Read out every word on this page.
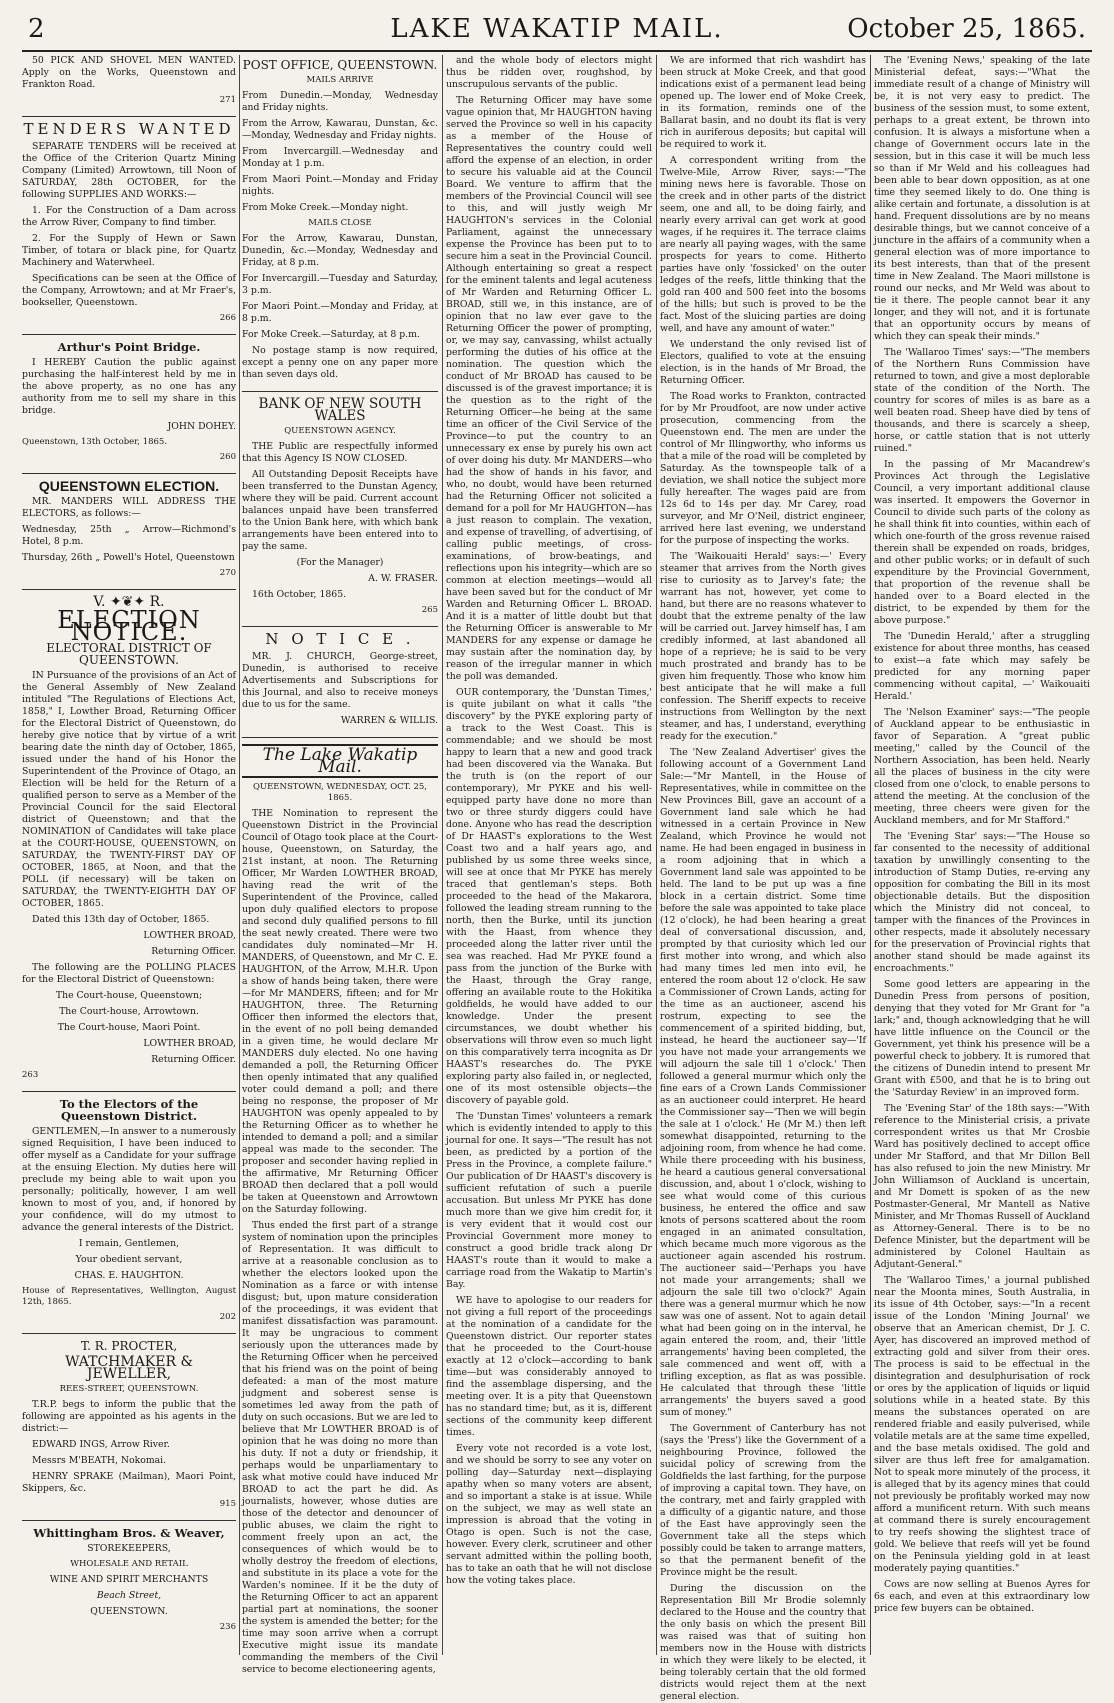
2	LAKE WAKATIP MAIL.	October 25, 1865.

50 PICK AND SHOVEL MEN WANTED. Apply on the Works, Queenstown and Frankton Road.

271

TENDERS WANTED

SEPARATE TENDERS will be received at the Office of the Criterion Quartz Mining Company (Limited) Arrowtown, till Noon of SATURDAY, 28th OCTOBER, for the following SUPPLIES AND WORKS:—

1. For the Construction of a Dam across the Arrow River, Company to find timber.

2. For the Supply of Hewn or Sawn Timber, of totara or black pine, for Quartz Machinery and Waterwheel.

Specifications can be seen at the Office of the Company, Arrowtown; and at Mr Fraer's, bookseller, Queenstown.

266

Arthur's Point Bridge.

I HEREBY Caution the public against purchasing the half-interest held by me in the above property, as no one has any authority from me to sell my share in this bridge.

JOHN DOHEY.

Queenstown, 13th October, 1865.

260

QUEENSTOWN ELECTION.

MR. MANDERS WILL ADDRESS THE ELECTORS, as follows:—

Wednesday, 25th „ Arrow—Richmond's Hotel, 8 p.m.

Thursday, 26th „ Powell's Hotel, Queenstown

270

V. ✦❦✦ R.
ELECTION NOTICE.
ELECTORAL DISTRICT OF QUEENSTOWN.

IN Pursuance of the provisions of an Act of the General Assembly of New Zealand intituled "The Regulations of Elections Act, 1858," I, Lowther Broad, Returning Officer for the Electoral District of Queenstown, do hereby give notice that by virtue of a writ bearing date the ninth day of October, 1865, issued under the hand of his Honor the Superintendent of the Province of Otago, an Election will be held for the Return of a qualified person to serve as a Member of the Provincial Council for the said Electoral district of Queenstown; and that the NOMINATION of Candidates will take place at the COURT-HOUSE, QUEENSTOWN, on SATURDAY, the TWENTY-FIRST DAY OF OCTOBER, 1865, at Noon, and that the POLL (if necessary) will be taken on SATURDAY, the TWENTY-EIGHTH DAY OF OCTOBER, 1865.

Dated this 13th day of October, 1865.

LOWTHER BROAD,

Returning Officer.

The following are the POLLING PLACES for the Electoral District of Queenstown:

The Court-house, Queenstown;

The Court-house, Arrowtown.

The Court-house, Maori Point.

LOWTHER BROAD,

Returning Officer.

263

To the Electors of the Queenstown District.

GENTLEMEN,—In answer to a numerously signed Requisition, I have been induced to offer myself as a Candidate for your suffrage at the ensuing Election. My duties here will preclude my being able to wait upon you personally; politically, however, I am well known to most of you, and, if honored by your confidence, will do my utmost to advance the general interests of the District.

I remain, Gentlemen,

Your obedient servant,

CHAS. E. HAUGHTON.

House of Representatives, Wellington, August 12th, 1865.

202

T. R. PROCTER,
WATCHMAKER & JEWELLER,

REES-STREET, QUEENSTOWN.

T.R.P. begs to inform the public that the following are appointed as his agents in the district:—

EDWARD INGS, Arrow River.

Messrs M'BEATH, Nokomai.

HENRY SPRAKE (Mailman), Maori Point, Skippers, &c.

915

Whittingham Bros. & Weaver,

STOREKEEPERS,

WHOLESALE AND RETAIL

WINE AND SPIRIT MERCHANTS

Beach Street,

QUEENSTOWN.

236

POST OFFICE, QUEENSTOWN.

MAILS ARRIVE

From Dunedin.—Monday, Wednesday and Friday nights.

From the Arrow, Kawarau, Dunstan, &c.—Monday, Wednesday and Friday nights.

From Invercargill.—Wednesday and Monday at 1 p.m.

From Maori Point.—Monday and Friday nights.

From Moke Creek.—Monday night.

MAILS CLOSE

For the Arrow, Kawarau, Dunstan, Dunedin, &c.—Monday, Wednesday and Friday, at 8 p.m.

For Invercargill.—Tuesday and Saturday, 3 p.m.

For Maori Point.—Monday and Friday, at 8 p.m.

For Moke Creek.—Saturday, at 8 p.m.

No postage stamp is now required, except a penny one on any paper more than seven days old.

BANK OF NEW SOUTH WALES

QUEENSTOWN AGENCY.

THE Public are respectfully informed that this Agency IS NOW CLOSED.

All Outstanding Deposit Receipts have been transferred to the Dunstan Agency, where they will be paid. Current account balances unpaid have been transferred to the Union Bank here, with which bank arrangements have been entered into to pay the same.

(For the Manager)

A. W. FRASER.

16th October, 1865.

265

N O T I C E .

MR. J. CHURCH, George-street, Dunedin, is authorised to receive Advertisements and Subscriptions for this Journal, and also to receive moneys due to us for the same.

WARREN & WILLIS.

The Lake Wakatip Mail.

QUEENSTOWN, WEDNESDAY, OCT. 25, 1865.

THE Nomination to represent the Queenstown District in the Provincial Council of Otago took place at the Court-house, Queenstown, on Saturday, the 21st instant, at noon. The Returning Officer, Mr Warden LOWTHER BROAD, having read the writ of the Superintendent of the Province, called upon duly qualified electors to propose and second duly qualified persons to fill the seat newly created. There were two candidates duly nominated—Mr H. MANDERS, of Queenstown, and Mr C. E. HAUGHTON, of the Arrow, M.H.R. Upon a show of hands being taken, there were—for Mr MANDERS, fifteen; and for Mr HAUGHTON, three. The Returning Officer then informed the electors that, in the event of no poll being demanded in a given time, he would declare Mr MANDERS duly elected. No one having demanded a poll, the Returning Officer then openly intimated that any qualified voter could demand a poll; and there being no response, the proposer of Mr HAUGHTON was openly appealed to by the Returning Officer as to whether he intended to demand a poll; and a similar appeal was made to the seconder. The proposer and seconder having replied in the affirmative, Mr Returning Officer BROAD then declared that a poll would be taken at Queenstown and Arrowtown on the Saturday following.

Thus ended the first part of a strange system of nomination upon the principles of Representation. It was difficult to arrive at a reasonable conclusion as to whether the electors looked upon the Nomination as a farce or with intense disgust; but, upon mature consideration of the proceedings, it was evident that manifest dissatisfaction was paramount. It may be ungracious to comment seriously upon the utterances made by the Returning Officer when he perceived that his friend was on the point of being defeated: a man of the most mature judgment and soberest sense is sometimes led away from the path of duty on such occasions. But we are led to believe that Mr LOWTHER BROAD is of opinion that he was doing no more than his duty. If not a duty or friendship, it perhaps would be unparliamentary to ask what motive could have induced Mr BROAD to act the part he did. As journalists, however, whose duties are those of the detector and denouncer of public abuses, we claim the right to comment freely upon an act, the consequences of which would be to wholly destroy the freedom of elections, and substitute in its place a vote for the Warden's nominee. If it be the duty of the Returning Officer to act an apparent partial part at nominations, the sooner the system is amended the better; for the time may soon arrive when a corrupt Executive might issue its mandate commanding the members of the Civil service to become electioneering agents,

and the whole body of electors might thus be ridden over, roughshod, by unscrupulous servants of the public.

The Returning Officer may have some vague opinion that, Mr HAUGHTON having served the Province so well in his capacity as a member of the House of Representatives the country could well afford the expense of an election, in order to secure his valuable aid at the Council Board. We venture to affirm that the members of the Provincial Council will see to this, and will justly weigh Mr HAUGHTON's services in the Colonial Parliament, against the unnecessary expense the Province has been put to to secure him a seat in the Provincial Council. Although entertaining so great a respect for the eminent talents and legal acuteness of Mr Warden and Returning Officer L. BROAD, still we, in this instance, are of opinion that no law ever gave to the Returning Officer the power of prompting, or, we may say, canvassing, whilst actually performing the duties of his office at the nomination. The question which the conduct of Mr BROAD has caused to be discussed is of the gravest importance; it is the question as to the right of the Returning Officer—he being at the same time an officer of the Civil Service of the Province—to put the country to an unnecessary ex ense by purely his own act of over doing his duty. Mr MANDERS—who had the show of hands in his favor, and who, no doubt, would have been returned had the Returning Officer not solicited a demand for a poll for Mr HAUGHTON—has a just reason to complain. The vexation, and expense of travelling, of advertising, of calling public meetings, of cross-examinations, of brow-beatings, and reflections upon his integrity—which are so common at election meetings—would all have been saved but for the conduct of Mr Warden and Returning Officer L. BROAD. And it is a matter of little doubt but that the Returning Officer is answerable to Mr MANDERS for any expense or damage he may sustain after the nomination day, by reason of the irregular manner in which the poll was demanded.

OUR contemporary, the 'Dunstan Times,' is quite jubilant on what it calls "the discovery" by the PYKE exploring party of a track to the West Coast. This is commendable; and we should be most happy to learn that a new and good track had been discovered via the Wanaka. But the truth is (on the report of our contemporary), Mr PYKE and his well-equipped party have done no more than two or three sturdy diggers could have done. Anyone who has read the description of Dr HAAST's explorations to the West Coast two and a half years ago, and published by us some three weeks since, will see at once that Mr PYKE has merely traced that gentleman's steps. Both proceeded to the head of the Makarora, followed the leading stream running to the north, then the Burke, until its junction with the Haast, from whence they proceeded along the latter river until the sea was reached. Had Mr PYKE found a pass from the junction of the Burke with the Haast, through the Gray range, offering an available route to the Hokitika goldfields, he would have added to our knowledge. Under the present circumstances, we doubt whether his observations will throw even so much light on this comparatively terra incognita as Dr HAAST's researches do. The PYKE exploring party also failed in, or neglected, one of its most ostensible objects—the discovery of payable gold.

The 'Dunstan Times' volunteers a remark which is evidently intended to apply to this journal for one. It says—"The result has not been, as predicted by a portion of the Press in the Province, a complete failure." Our publication of Dr HAAST's discovery is sufficient refutation of such a puerile accusation. But unless Mr PYKE has done much more than we give him credit for, it is very evident that it would cost our Provincial Government more money to construct a good bridle track along Dr HAAST's route than it would to make a carriage road from the Wakatip to Martin's Bay.

WE have to apologise to our readers for not giving a full report of the proceedings at the nomination of a candidate for the Queenstown district. Our reporter states that he proceeded to the Court-house exactly at 12 o'clock—according to bank time—but was considerably annoyed to find the assemblage dispersing, and the meeting over. It is a pity that Queenstown has no standard time; but, as it is, different sections of the community keep different times.

Every vote not recorded is a vote lost, and we should be sorry to see any voter on polling day—Saturday next—displaying apathy when so many voters are absent, and so important a stake is at issue. While on the subject, we may as well state an impression is abroad that the voting in Otago is open. Such is not the case, however. Every clerk, scrutineer and other servant admitted within the polling booth, has to take an oath that he will not disclose how the voting takes place.

We are informed that rich washdirt has been struck at Moke Creek, and that good indications exist of a permanent lead being opened up. The lower end of Moke Creek, in its formation, reminds one of the Ballarat basin, and no doubt its flat is very rich in auriferous deposits; but capital will be required to work it.

A correspondent writing from the Twelve-Mile, Arrow River, says:—"The mining news here is favorable. Those on the creek and in other parts of the district seem, one and all, to be doing fairly, and nearly every arrival can get work at good wages, if he requires it. The terrace claims are nearly all paying wages, with the same prospects for years to come. Hitherto parties have only 'fossicked' on the outer ledges of the reefs, little thinking that the gold ran 400 and 500 feet into the bosoms of the hills; but such is proved to be the fact. Most of the sluicing parties are doing well, and have any amount of water."

We understand the only revised list of Electors, qualified to vote at the ensuing election, is in the hands of Mr Broad, the Returning Officer.

The Road works to Frankton, contracted for by Mr Proudfoot, are now under active prosecution, commencing from the Queenstown end. The men are under the control of Mr Illingworthy, who informs us that a mile of the road will be completed by Saturday. As the townspeople talk of a deviation, we shall notice the subject more fully hereafter. The wages paid are from 12s 6d to 14s per day. Mr Carey, road surveyor, and Mr O'Neil, district engineer, arrived here last evening, we understand for the purpose of inspecting the works.

The 'Waikouaiti Herald' says:—' Every steamer that arrives from the North gives rise to curiosity as to Jarvey's fate; the warrant has not, however, yet come to hand, but there are no reasons whatever to doubt that the extreme penalty of the law will be carried out. Jarvey himself has, I am credibly informed, at last abandoned all hope of a reprieve; he is said to be very much prostrated and brandy has to be given him frequently. Those who know him best anticipate that he will make a full confession. The Sheriff expects to receive instructions from Wellington by the next steamer, and has, I understand, everything ready for the execution."

The 'New Zealand Advertiser' gives the following account of a Government Land Sale:—"Mr Mantell, in the House of Representatives, while in committee on the New Provinces Bill, gave an account of a Government land sale which he had witnessed in a certain Province in New Zealand, which Province he would not name. He had been engaged in business in a room adjoining that in which a Government land sale was appointed to be held. The land to be put up was a fine block in a certain district. Some time before the sale was appointed to take place (12 o'clock), he had been hearing a great deal of conversational discussion, and, prompted by that curiosity which led our first mother into wrong, and which also had many times led men into evil, he entered the room about 12 o'clock. He saw a Commissioner of Crown Lands, acting for the time as an auctioneer, ascend his rostrum, expecting to see the commencement of a spirited bidding, but, instead, he heard the auctioneer say—'If you have not made your arrangements we will adjourn the sale till 1 o'clock.' Then followed a general murmur which only the fine ears of a Crown Lands Commissioner as an auctioneer could interpret. He heard the Commissioner say—'Then we will begin the sale at 1 o'clock.' He (Mr M.) then left somewhat disappointed, returning to the adjoining room, from whence he had come. While there proceeding with his business, he heard a cautious general conversational discussion, and, about 1 o'clock, wishing to see what would come of this curious business, he entered the office and saw knots of persons scattered about the room engaged in an animated consultation, which became much more vigorous as the auctioneer again ascended his rostrum. The auctioneer said—'Perhaps you have not made your arrangements; shall we adjourn the sale till two o'clock?' Again there was a general murmur which he now saw was one of assent. Not to again detail what had been going on in the interval, he again entered the room, and, their 'little arrangements' having been completed, the sale commenced and went off, with a trifling exception, as flat as was possible. He calculated that through these 'little arrangements' the buyers saved a good sum of money."

The Government of Canterbury has not (says the 'Press') like the Government of a neighbouring Province, followed the suicidal policy of screwing from the Goldfields the last farthing, for the purpose of improving a capital town. They have, on the contrary, met and fairly grappled with a difficulty of a gigantic nature, and those of the East have approvingly seen the Government take all the steps which possibly could be taken to arrange matters, so that the permanent benefit of the Province might be the result.

During the discussion on the Representation Bill Mr Brodie solemnly declared to the House and the country that the only basis on which the present Bill was raised was that of suiting hon members now in the House with districts in which they were likely to be elected, it being tolerably certain that the old formed districts would reject them at the next general election.

The 'Evening News,' speaking of the late Ministerial defeat, says:—"What the immediate result of a change of Ministry will be, it is not very easy to predict. The business of the session must, to some extent, perhaps to a great extent, be thrown into confusion. It is always a misfortune when a change of Government occurs late in the session, but in this case it will be much less so than if Mr Weld and his colleagues had been able to bear down opposition, as at one time they seemed likely to do. One thing is alike certain and fortunate, a dissolution is at hand. Frequent dissolutions are by no means desirable things, but we cannot conceive of a juncture in the affairs of a community when a general election was of more importance to its best interests, than that of the present time in New Zealand. The Maori millstone is round our necks, and Mr Weld was about to tie it there. The people cannot bear it any longer, and they will not, and it is fortunate that an opportunity occurs by means of which they can speak their minds."

The 'Wallaroo Times' says:—"The members of the Northern Runs Commission have returned to town, and give a most deplorable state of the condition of the North. The country for scores of miles is as bare as a well beaten road. Sheep have died by tens of thousands, and there is scarcely a sheep, horse, or cattle station that is not utterly ruined."

In the passing of Mr Macandrew's Provinces Act through the Legislative Council, a very important additional clause was inserted. It empowers the Governor in Council to divide such parts of the colony as he shall think fit into counties, within each of which one-fourth of the gross revenue raised therein shall be expended on roads, bridges, and other public works; or in default of such expenditure by the Provincial Government, that proportion of the revenue shall be handed over to a Board elected in the district, to be expended by them for the above purpose."

The 'Dunedin Herald,' after a struggling existence for about three months, has ceased to exist—a fate which may safely be predicted for any morning paper commencing without capital, —' Waikouaiti Herald.'

The 'Nelson Examiner' says:—"The people of Auckland appear to be enthusiastic in favor of Separation. A "great public meeting," called by the Council of the Northern Association, has been held. Nearly all the places of business in the city were closed from one o'clock, to enable persons to attend the meeting. At the conclusion of the meeting, three cheers were given for the Auckland members, and for Mr Stafford."

The 'Evening Star' says:—"The House so far consented to the necessity of additional taxation by unwillingly consenting to the introduction of Stamp Duties, re-erving any opposition for combating the Bill in its most objectionable details. But the disposition which the Ministry did not conceal, to tamper with the finances of the Provinces in other respects, made it absolutely necessary for the preservation of Provincial rights that another stand should be made against its encroachments."

Some good letters are appearing in the Dunedin Press from persons of position, denying that they voted for Mr Grant for "a lark;" and, though acknowledging that he will have little influence on the Council or the Government, yet think his presence will be a powerful check to jobbery. It is rumored that the citizens of Dunedin intend to present Mr Grant with £500, and that he is to bring out the 'Saturday Review' in an improved form.

The 'Evening Star' of the 18th says:—"With reference to the Ministerial crisis, a private correspondent writes us that Mr Crosbie Ward has positively declined to accept office under Mr Stafford, and that Mr Dillon Bell has also refused to join the new Ministry. Mr John Williamson of Auckland is uncertain, and Mr Domett is spoken of as the new Postmaster-General, Mr Mantell as Native Minister, and Mr Thomas Russell of Auckland as Attorney-General. There is to be no Defence Minister, but the department will be administered by Colonel Haultain as Adjutant-General."

The 'Wallaroo Times,' a journal published near the Moonta mines, South Australia, in its issue of 4th October, says:—"In a recent issue of the London 'Mining Journal' we observe that an American chemist, Dr J. C. Ayer, has discovered an improved method of extracting gold and silver from their ores. The process is said to be effectual in the disintegration and desulphurisation of rock or ores by the application of liquids or liquid solutions while in a heated state. By this means the substances operated on are rendered friable and easily pulverised, while volatile metals are at the same time expelled, and the base metals oxidised. The gold and silver are thus left free for amalgamation. Not to speak more minutely of the process, it is alleged that by its agency mines that could not previously be profitably worked may now afford a munificent return. With such means at command there is surely encouragement to try reefs showing the slightest trace of gold. We believe that reefs will yet be found on the Peninsula yielding gold in at least moderately paying quantities."

Cows are now selling at Buenos Ayres for 6s each, and even at this extraordinary low price few buyers can be obtained.
